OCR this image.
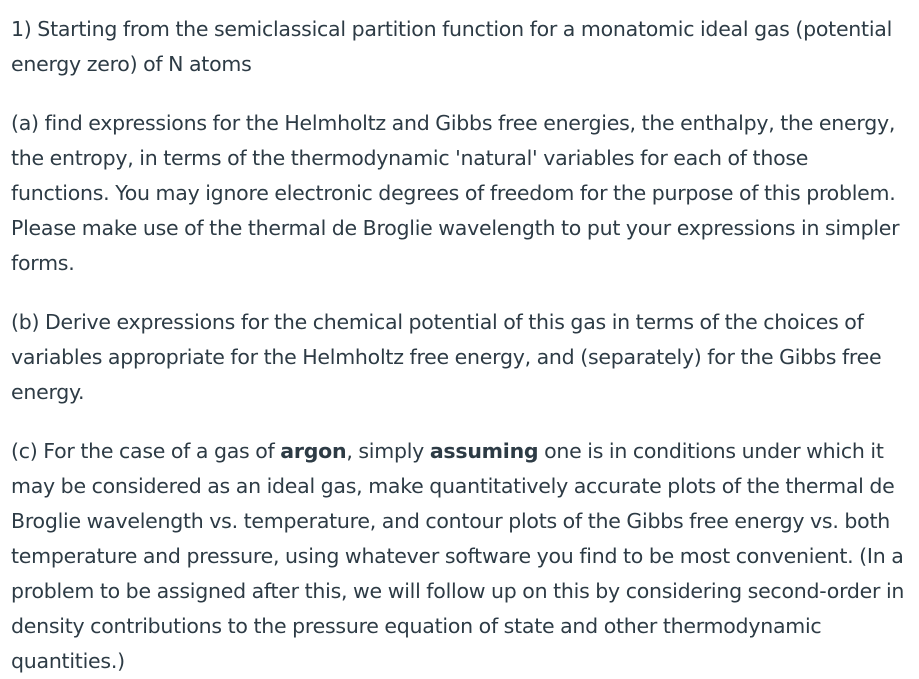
1) Starting from the semiclassical partition function for a monatomic ideal gas (potential energy zero) of N atoms

(a) find expressions for the Helmholtz and Gibbs free energies, the enthalpy, the energy, the entropy, in terms of the thermodynamic 'natural' variables for each of those functions. You may ignore electronic degrees of freedom for the purpose of this problem. Please make use of the thermal de Broglie wavelength to put your expressions in simpler forms.

(b) Derive expressions for the chemical potential of this gas in terms of the choices of variables appropriate for the Helmholtz free energy, and (separately) for the Gibbs free energy.

(c) For the case of a gas of argon, simply assuming one is in conditions under which it may be considered as an ideal gas, make quantitatively accurate plots of the thermal de Broglie wavelength vs. temperature, and contour plots of the Gibbs free energy vs. both temperature and pressure, using whatever software you find to be most convenient. (In a problem to be assigned after this, we will follow up on this by considering second-order in density contributions to the pressure equation of state and other thermodynamic quantities.)
